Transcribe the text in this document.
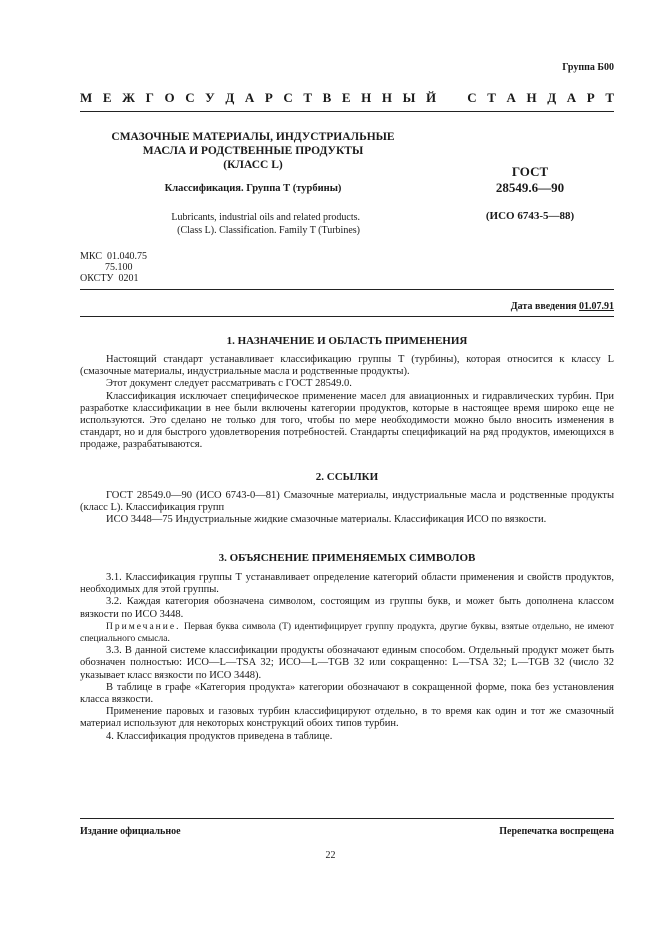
Группа Б00
М Е Ж Г О С У Д А Р С Т В Е Н Н Ы Й С Т А Н Д А Р Т
СМАЗОЧНЫЕ МАТЕРИАЛЫ, ИНДУСТРИАЛЬНЫЕ
МАСЛА И РОДСТВЕННЫЕ ПРОДУКТЫ
(КЛАСС L)
Классификация. Группа Т (турбины)
Lubricants, industrial oils and related products.
(Class L). Classification. Family T (Turbines)
ГОСТ
28549.6—90
(ИСО 6743-5—88)
МКС  01.040.75
75.100
ОКСТУ  0201
Дата введения 01.07.91
1. НАЗНАЧЕНИЕ И ОБЛАСТЬ ПРИМЕНЕНИЯ

Настоящий стандарт устанавливает классификацию группы Т (турбины), которая относится к классу L (смазочные материалы, индустриальные масла и родственные продукты).

Этот документ следует рассматривать с ГОСТ 28549.0.

Классификация исключает специфическое применение масел для авиационных и гидравлических турбин. При разработке классификации в нее были включены категории продуктов, которые в настоящее время широко еще не используются. Это сделано не только для того, чтобы по мере необходимости можно было вносить изменения в стандарт, но и для быстрого удовлетворения потребностей. Стандарты спецификаций на ряд продуктов, имеющихся в продаже, разрабатываются.

2. ССЫЛКИ

ГОСТ 28549.0—90 (ИСО 6743-0—81) Смазочные материалы, индустриальные масла и родственные продукты (класс L). Классификация групп

ИСО 3448—75 Индустриальные жидкие смазочные материалы. Классификация ИСО по вязкости.

3. ОБЪЯСНЕНИЕ ПРИМЕНЯЕМЫХ СИМВОЛОВ

3.1. Классификация группы Т устанавливает определение категорий области применения и свойств продуктов, необходимых для этой группы.

3.2. Каждая категория обозначена символом, состоящим из группы букв, и может быть дополнена классом вязкости по ИСО 3448.

Примечание. Первая буква символа (Т) идентифицирует группу продукта, другие буквы, взятые отдельно, не имеют специального смысла.

3.3. В данной системе классификации продукты обозначают единым способом. Отдельный продукт может быть обозначен полностью: ИСО—L—TSA 32; ИСО—L—TGB 32 или сокращенно: L—TSA 32; L—TGB 32 (число 32 указывает класс вязкости по ИСО 3448).

В таблице в графе «Категория продукта» категории обозначают в сокращенной форме, пока без установления класса вязкости.

Применение паровых и газовых турбин классифицируют отдельно, в то время как один и тот же смазочный материал используют для некоторых конструкций обоих типов турбин.

4. Классификация продуктов приведена в таблице.

Издание официальное	Перепечатка воспрещена
22
